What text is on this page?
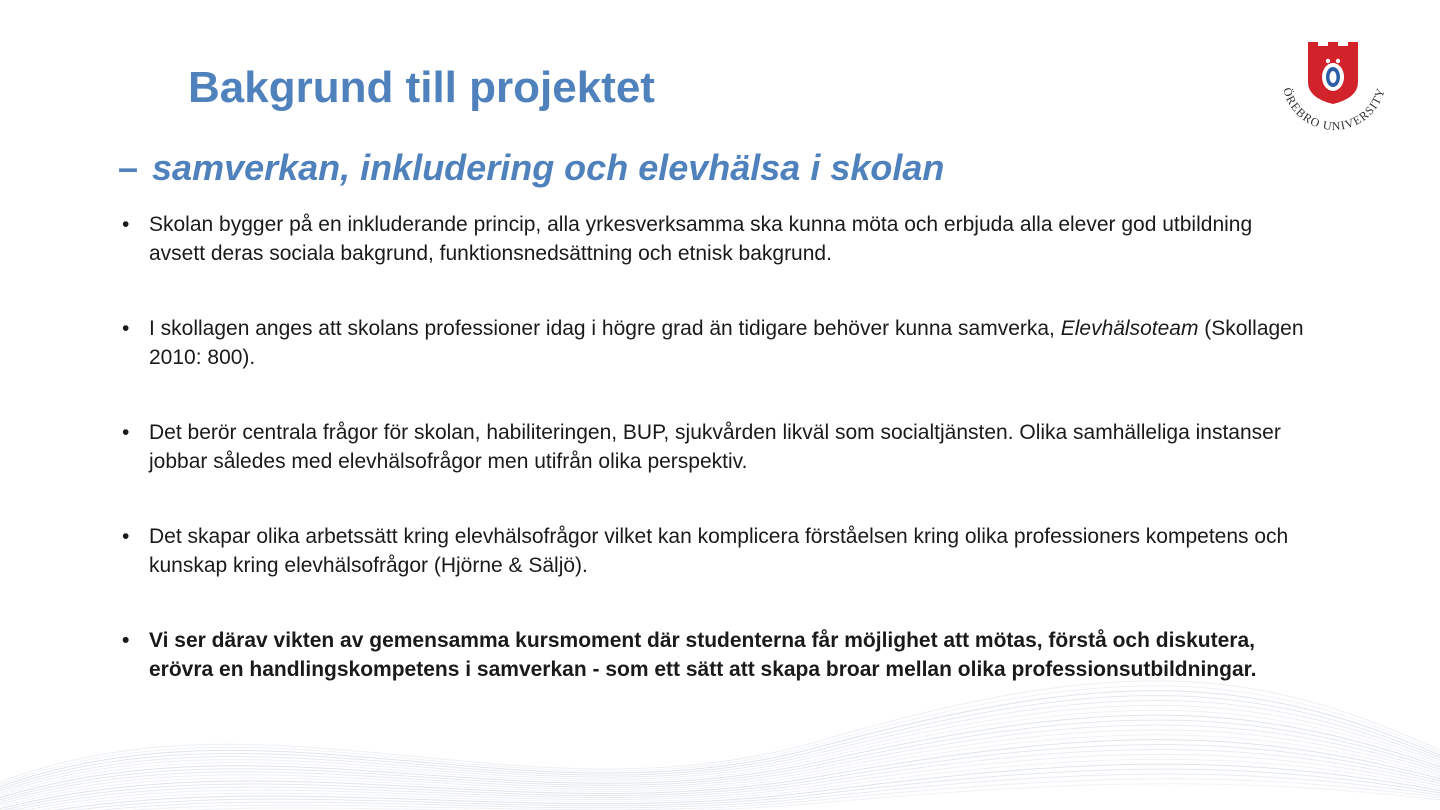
Bakgrund till projektet
– samverkan, inkludering och elevhälsa i skolan
• Skolan bygger på en inkluderande princip, alla yrkesverksamma ska kunna möta och erbjuda alla elever god utbildning avsett deras sociala bakgrund, funktionsnedsättning och etnisk bakgrund.
• I skollagen anges att skolans professioner idag i högre grad än tidigare behöver kunna samverka, Elevhälsoteam (Skollagen 2010: 800).
• Det berör centrala frågor för skolan, habiliteringen, BUP, sjukvården likväl som socialtjänsten. Olika samhälleliga instanser jobbar således med elevhälsofrågor men utifrån olika perspektiv.
• Det skapar olika arbetssätt kring elevhälsofrågor vilket kan komplicera förståelsen kring olika professioners kompetens och kunskap kring elevhälsofrågor (Hjörne & Säljö).
• Vi ser därav vikten av gemensamma kursmoment där studenterna får möjlighet att mötas, förstå och diskutera, erövra en handlingskompetens i samverkan - som ett sätt att skapa broar mellan olika professionsutbildningar.
ÖREBRO UNIVERSITY
